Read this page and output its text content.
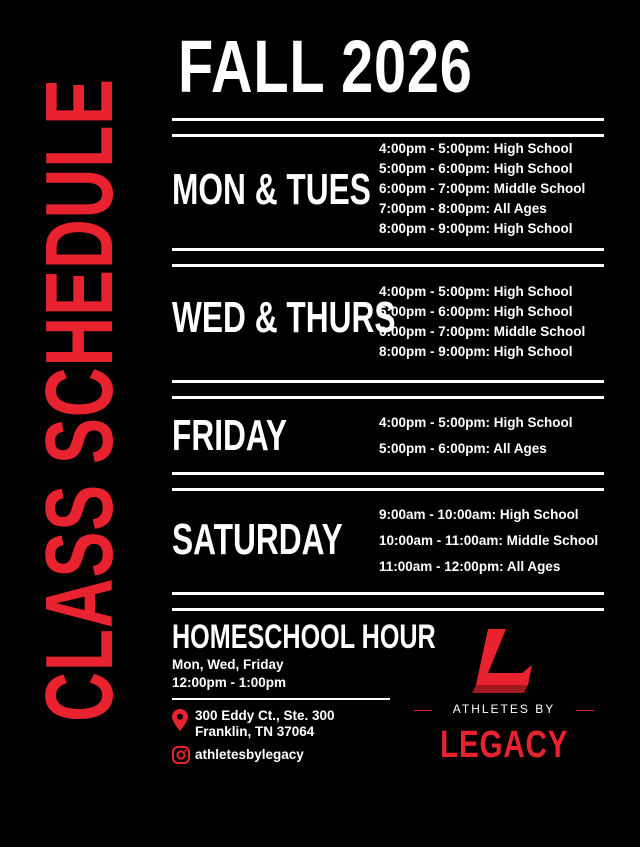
CLASS SCHEDULE
FALL 2026
MON & TUES
4:00pm - 5:00pm: High School
5:00pm - 6:00pm: High School
6:00pm - 7:00pm: Middle School
7:00pm - 8:00pm: All Ages
8:00pm - 9:00pm: High School
WED & THURS
4:00pm - 5:00pm: High School
5:00pm - 6:00pm: High School
6:00pm - 7:00pm: Middle School
8:00pm - 9:00pm: High School
FRIDAY	4:00pm - 5:00pm: High School
5:00pm - 6:00pm: All Ages
SATURDAY
9:00am - 10:00am: High School
10:00am - 11:00am: Middle School
11:00am - 12:00pm: All Ages
HOMESCHOOL HOUR
Mon, Wed, Friday
12:00pm - 1:00pm
300 Eddy Ct., Ste. 300
Franklin, TN 37064
athletesbylegacy
ATHLETES BY
LEGACY
